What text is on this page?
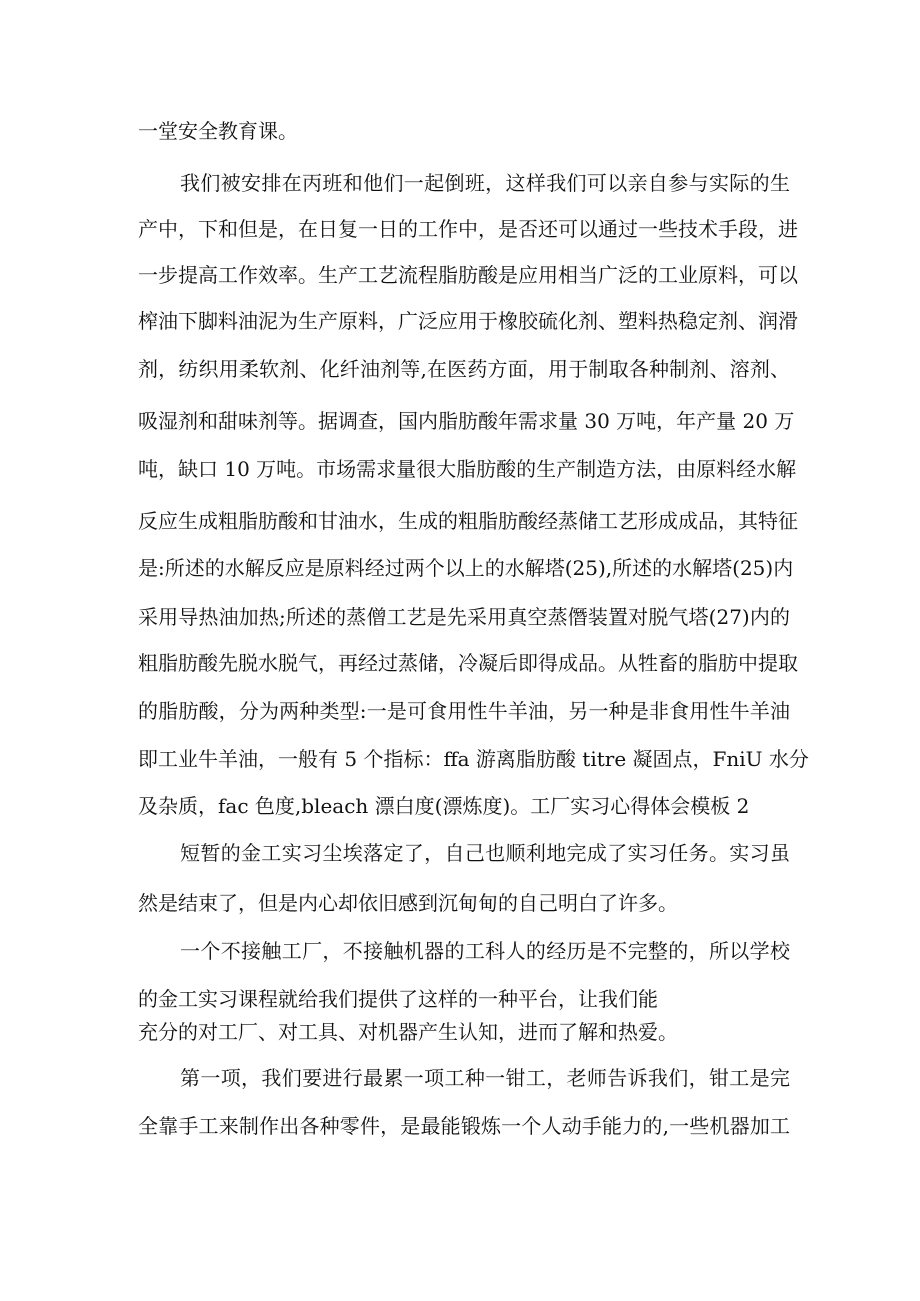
一堂安全教育课。
我们被安排在丙班和他们一起倒班，这样我们可以亲自参与实际的生
产中，下和但是，在日复一日的工作中，是否还可以通过一些技术手段，进
一步提高工作效率。生产工艺流程脂肪酸是应用相当广泛的工业原料，可以
榨油下脚料油泥为生产原料，广泛应用于橡胶硫化剂、塑料热稳定剂、润滑
剂，纺织用柔软剂、化纤油剂等,在医药方面，用于制取各种制剂、溶剂、
吸湿剂和甜味剂等。据调查，国内脂肪酸年需求量 30 万吨，年产量 20 万
吨，缺口 10 万吨。市场需求量很大脂肪酸的生产制造方法，由原料经水解
反应生成粗脂肪酸和甘油水，生成的粗脂肪酸经蒸储工艺形成成品，其特征
是:所述的水解反应是原料经过两个以上的水解塔(25),所述的水解塔(25)内
采用导热油加热;所述的蒸僧工艺是先采用真空蒸僭装置对脱气塔(27)内的
粗脂肪酸先脱水脱气，再经过蒸储，冷凝后即得成品。从牲畜的脂肪中提取
的脂肪酸，分为两种类型:一是可食用性牛羊油，另一种是非食用性牛羊油
即工业牛羊油，一般有 5 个指标：ffa 游离脂肪酸 titre 凝固点，FniU 水分
及杂质，fac 色度,bleach 漂白度(漂炼度)。工厂实习心得体会模板 2
短暂的金工实习尘埃落定了，自己也顺利地完成了实习任务。实习虽
然是结束了，但是内心却依旧感到沉甸甸的自己明白了许多。
一个不接触工厂，不接触机器的工科人的经历是不完整的，所以学校
的金工实习课程就给我们提供了这样的一种平台，让我们能
充分的对工厂、对工具、对机器产生认知，进而了解和热爱。
第一项，我们要进行最累一项工种一钳工，老师告诉我们，钳工是完
全靠手工来制作出各种零件，是最能锻炼一个人动手能力的,一些机器加工
